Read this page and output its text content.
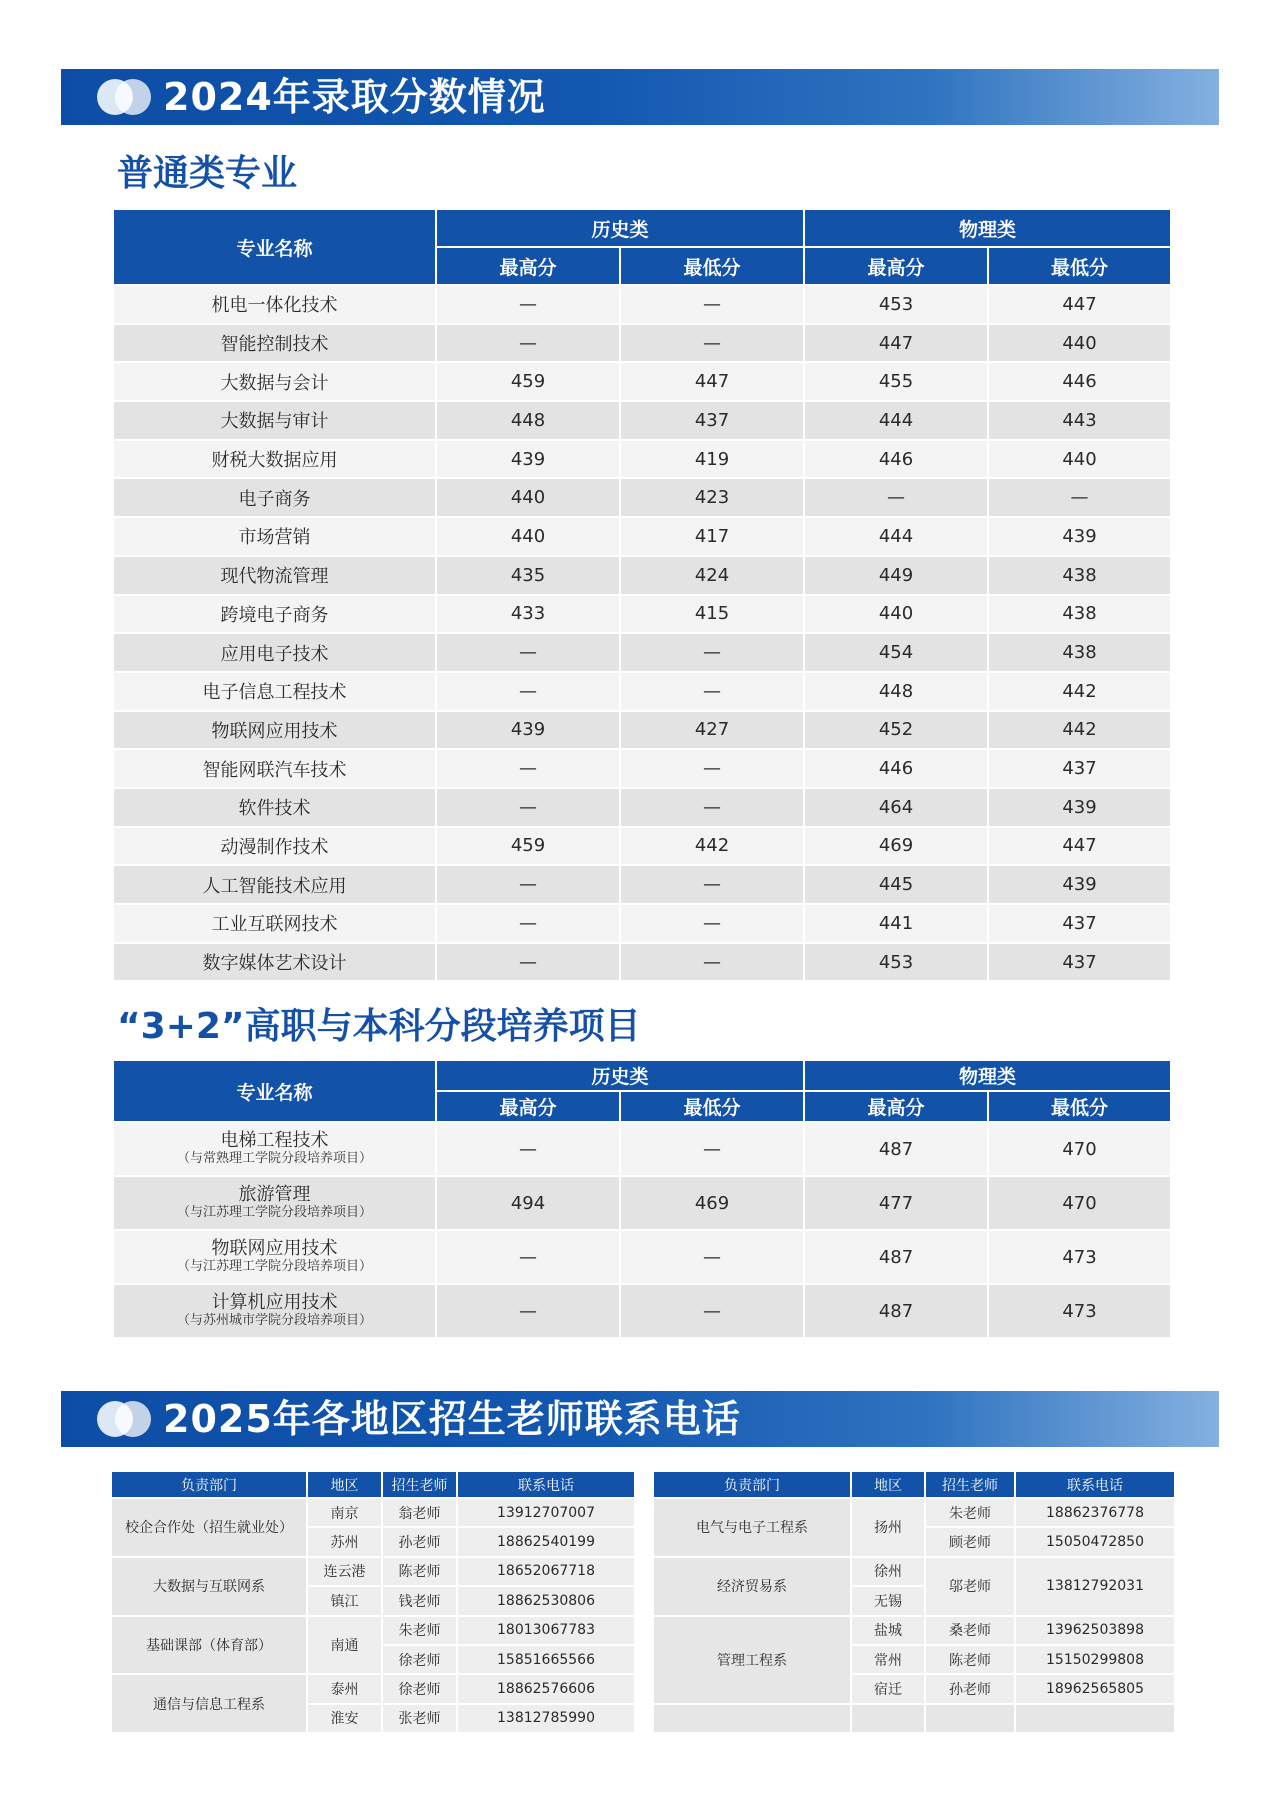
2024年录取分数情况
普通类专业
专业名称	历史类		物理类	
	最高分	最低分	最高分	最低分
机电一体化技术	—	—	453	447
智能控制技术	—	—	447	440
大数据与会计	459	447	455	446
大数据与审计	448	437	444	443
财税大数据应用	439	419	446	440
电子商务	440	423	—	—
市场营销	440	417	444	439
现代物流管理	435	424	449	438
跨境电子商务	433	415	440	438
应用电子技术	—	—	454	438
电子信息工程技术	—	—	448	442
物联网应用技术	439	427	452	442
智能网联汽车技术	—	—	446	437
软件技术	—	—	464	439
动漫制作技术	459	442	469	447
人工智能技术应用	—	—	445	439
工业互联网技术	—	—	441	437
数字媒体艺术设计	—	—	453	437
“3+2”高职与本科分段培养项目
专业名称	历史类		物理类	
	最高分	最低分	最高分	最低分

电梯工程技术
（与常熟理工学院分段培养项目）	—	—	487	470

旅游管理
（与江苏理工学院分段培养项目）	494	469	477	470

物联网应用技术
（与江苏理工学院分段培养项目）	—	—	487	473

计算机应用技术
（与苏州城市学院分段培养项目）	—	—	487	473
2025年各地区招生老师联系电话
负责部门	地区	招生老师	联系电话
校企合作处（招生就业处）	南京	翁老师	13912707007
	苏州	孙老师	18862540199
大数据与互联网系	连云港	陈老师	18652067718
	镇江	钱老师	18862530806
基础课部（体育部）	南通	朱老师	18013067783
		徐老师	15851665566
通信与信息工程系	泰州	徐老师	18862576606
	淮安	张老师	13812785990
负责部门	地区	招生老师	联系电话
电气与电子工程系	扬州	朱老师	18862376778
		顾老师	15050472850
经济贸易系	徐州	邬老师	13812792031
	无锡		
管理工程系	盐城	桑老师	13962503898
	常州	陈老师	15150299808
	宿迁	孙老师	18962565805
